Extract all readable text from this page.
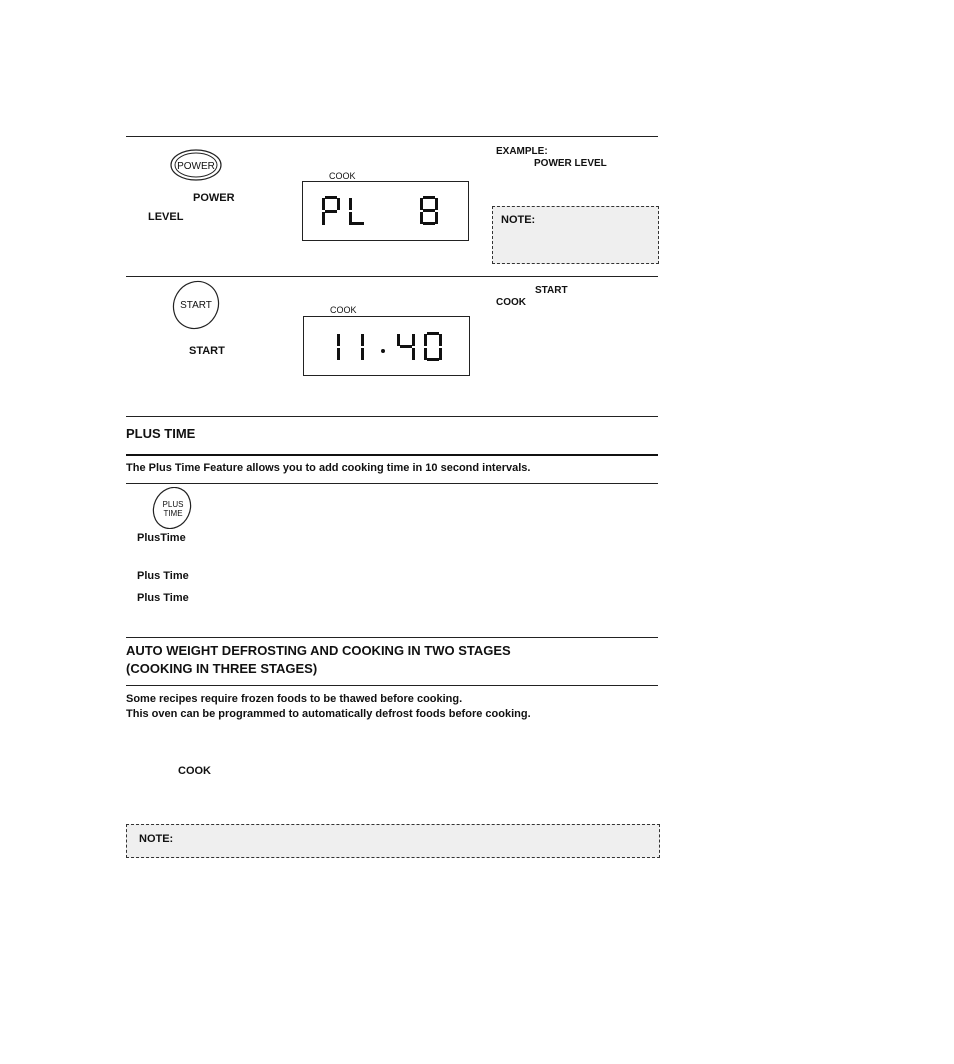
POWER
POWER
LEVEL
COOK
EXAMPLE:
POWER LEVEL
NOTE:
START
START
COOK
START
COOK
PLUS TIME
The Plus Time Feature allows you to add cooking time in 10 second intervals.
PLUS
TIME
PlusTime
Plus Time
Plus Time
AUTO WEIGHT DEFROSTING AND COOKING IN TWO STAGES
(COOKING IN THREE STAGES)
Some recipes require frozen foods to be thawed before cooking.
This oven can be programmed to automatically defrost foods before cooking.
COOK
NOTE:
